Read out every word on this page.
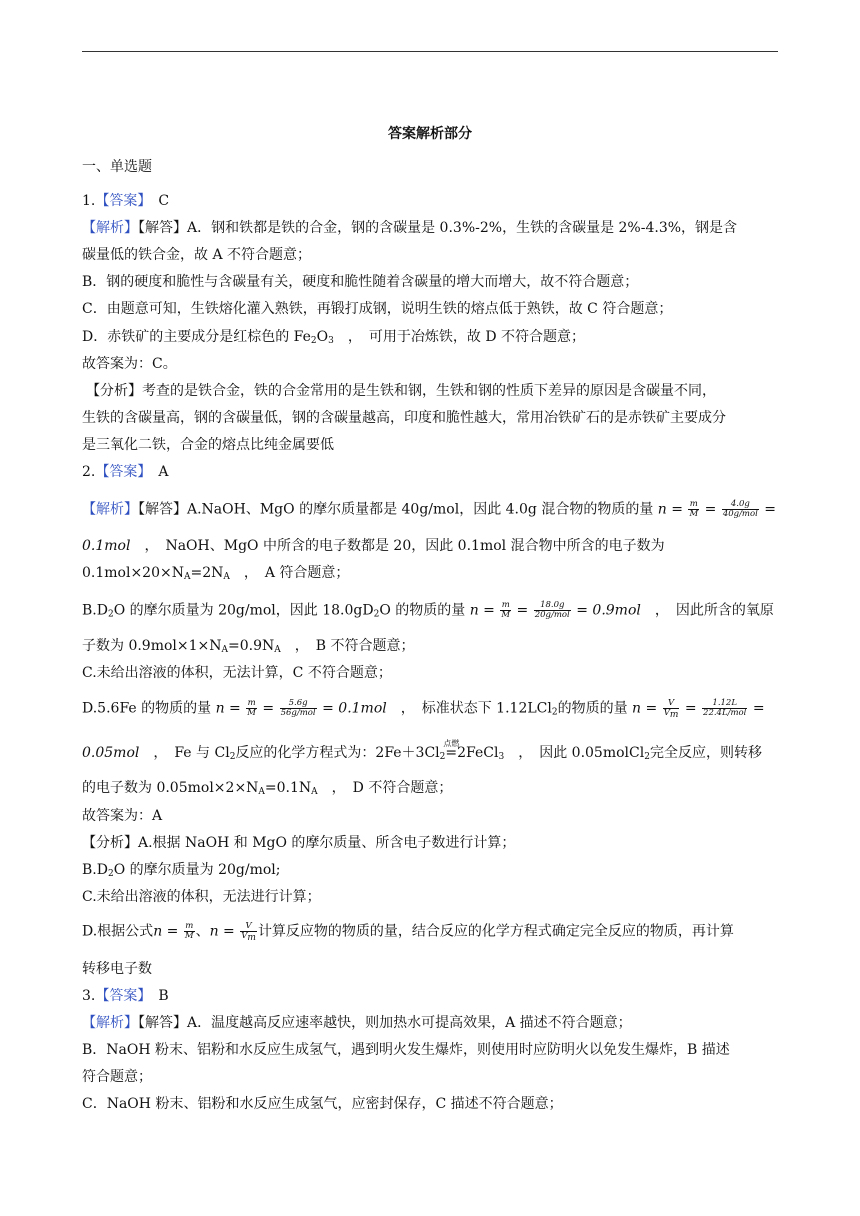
答案解析部分
一、单选题
1.【答案】　 C
【解析】【解答】A．钢和铁都是铁的合金，钢的含碳量是 0.3%-2%，生铁的含碳量是 2%-4.3%，钢是含
碳量低的铁合金，故 A 不符合题意；
B．钢的硬度和脆性与含碳量有关，硬度和脆性随着含碳量的增大而增大，故不符合题意；
C．由题意可知，生铁熔化灌入熟铁，再锻打成钢，说明生铁的熔点低于熟铁，故 C 符合题意；
D．赤铁矿的主要成分是红棕色的 $Fe_2O_3$　 ，　可用于冶炼铁，故 D 不符合题意；
故答案为：C。
【分析】考查的是铁合金，铁的合金常用的是生铁和钢，生铁和钢的性质下差异的原因是含碳量不同，
生铁的含碳量高，钢的含碳量低，钢的含碳量越高，印度和脆性越大，常用冶铁矿石的是赤铁矿主要成分
是三氧化二铁，合金的熔点比纯金属要低
2.【答案】　 A
【解析】【解答】A.NaOH、MgO 的摩尔质量都是 40g/mol，因此 4.0g 混合物的物质的量 $n = \frac{m}{M} = \frac{4.0g}{\text{40g/mol}}$ =
0.1mol　 ，　NaOH、MgO 中所含的电子数都是 20，因此 0.1mol 混合物中所含的电子数为
$0.1mol\times 20\times N_A=2N_A$　 ，　A 符合题意；
$B.D_2O$ 的摩尔质量为 20g/mol，因此 $18.0gD_2O$ 的物质的量 $n = \frac{m}{M} = \frac{18.0g}{\text{20g/mol}} = 0.9mol$　 ，　因此所含的氧原
子数为 $0.9mol\times 1\times N_A=0.9N_A$　 ，　B 不符合题意；
C.未给出溶液的体积，无法计算，C 不符合题意；
D.5.6Fe 的物质的量 $n = \frac{m}{M} = \frac{5.6g}{\text{56g/mol}} = 0.1mol$　 ，　标准状态下 1.12LCl$_2$的物质的量 $n = \frac{V}{V_m} = \frac{1.12L}{\text{22.4L/mol}}$ =
0.05mol　 ，　Fe 与 $Cl_2$反应的化学方程式为：$2Fe+3Cl_2$
点燃
=2FeCl$_3$　 ，　因此 0.05molCl$_2$完全反应，则转移
的电子数为 $0.05mol\times 2\times N_A=0.1N_A$　 ，　D 不符合题意；
故答案为：A
【分析】A.根据 NaOH 和 MgO 的摩尔质量、所含电子数进行计算；
$B.D_2O$ 的摩尔质量为 20g/mol;
C.未给出溶液的体积，无法进行计算；
D.根据公式$n = \frac{m}{M}$ 、$n = \frac{V}{V_m}$ 计算反应物的物质的量，结合反应的化学方程式确定完全反应的物质，再计算
转移电子数
3.【答案】　 B
【解析】【解答】A．温度越高反应速率越快，则加热水可提高效果，A 描述不符合题意；
B．NaOH 粉末、铝粉和水反应生成氢气，遇到明火发生爆炸，则使用时应防明火以免发生爆炸，B 描述
符合题意；
C．NaOH 粉末、铝粉和水反应生成氢气，应密封保存，C 描述不符合题意；
